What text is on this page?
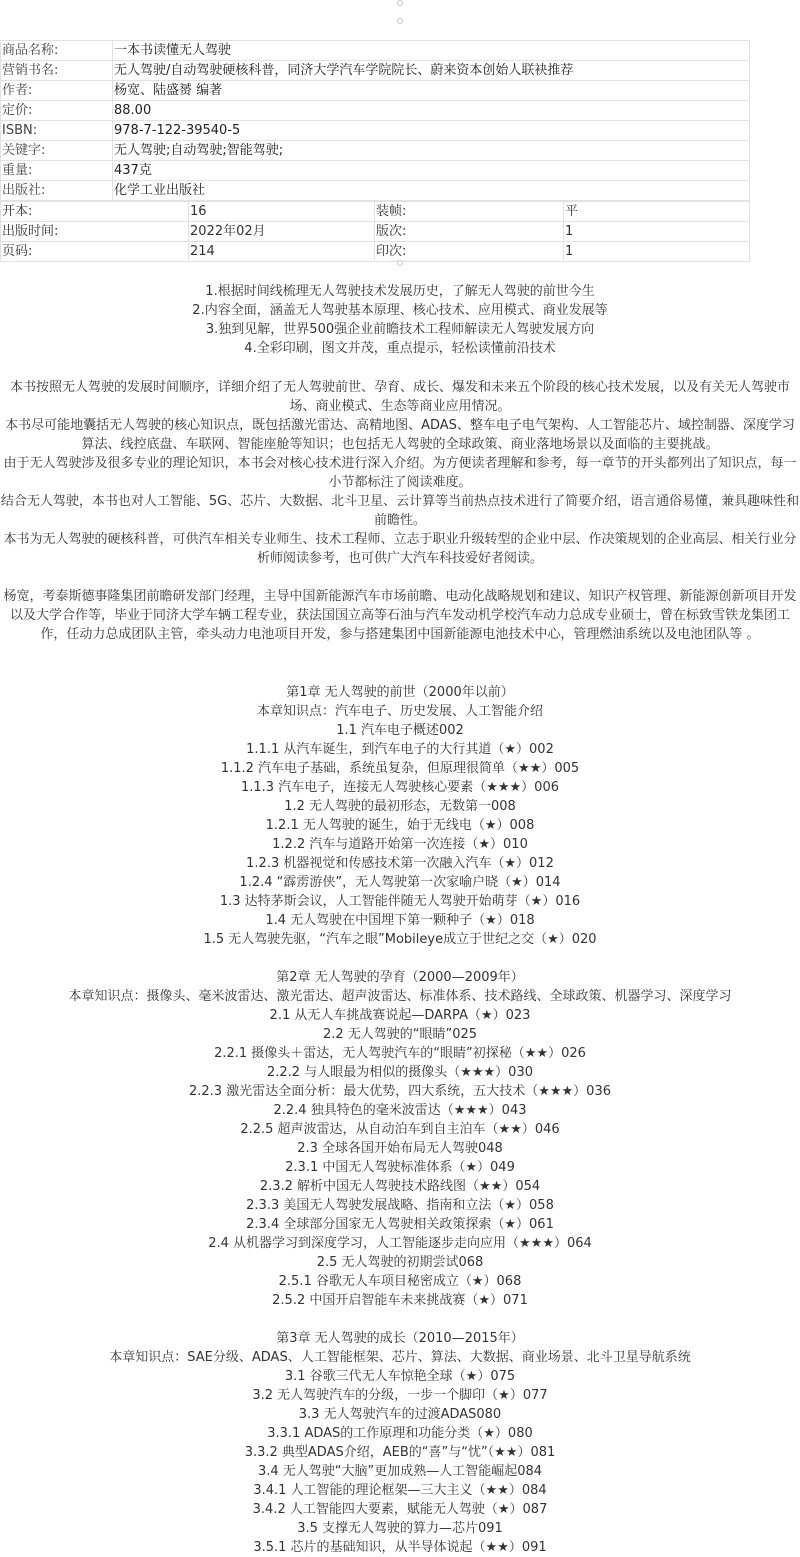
商品名称:	一本书读懂无人驾驶
营销书名:	无人驾驶/自动驾驶硬核科普，同济大学汽车学院院长、蔚来资本创始人联袂推荐
作者:	杨宽、陆盛赟 编著
定价:	88.00
ISBN:	978-7-122-39540-5
关键字:	无人驾驶;自动驾驶;智能驾驶;
重量:	437克
出版社:	化学工业出版社
开本:	16	装帧:	平
出版时间:	2022年02月	版次:	1
页码:	214	印次:	1
1.根据时间线梳理无人驾驶技术发展历史，了解无人驾驶的前世今生
2.内容全面，涵盖无人驾驶基本原理、核心技术、应用模式、商业发展等
3.独到见解，世界500强企业前瞻技术工程师解读无人驾驶发展方向
4.全彩印刷，图文并茂，重点提示，轻松读懂前沿技术

本书按照无人驾驶的发展时间顺序，详细介绍了无人驾驶前世、孕育、成长、爆发和未来五个阶段的核心技术发展，以及有关无人驾驶市场、商业模式、生态等商业应用情况。

本书尽可能地囊括无人驾驶的核心知识点，既包括激光雷达、高精地图、ADAS、整车电子电气架构、人工智能芯片、域控制器、深度学习算法、线控底盘、车联网、智能座舱等知识；也包括无人驾驶的全球政策、商业落地场景以及面临的主要挑战。

由于无人驾驶涉及很多专业的理论知识，本书会对核心技术进行深入介绍。为方便读者理解和参考，每一章节的开头都列出了知识点，每一小节都标注了阅读难度。

结合无人驾驶，本书也对人工智能、5G、芯片、大数据、北斗卫星、云计算等当前热点技术进行了简要介绍，语言通俗易懂，兼具趣味性和前瞻性。

本书为无人驾驶的硬核科普，可供汽车相关专业师生、技术工程师、立志于职业升级转型的企业中层、作决策规划的企业高层、相关行业分析师阅读参考，也可供广大汽车科技爱好者阅读。

杨宽，考泰斯德事隆集团前瞻研发部门经理，主导中国新能源汽车市场前瞻、电动化战略规划和建议、知识产权管理、新能源创新项目开发以及大学合作等，毕业于同济大学车辆工程专业，获法国国立高等石油与汽车发动机学校汽车动力总成专业硕士，曾在标致雪铁龙集团工作，任动力总成团队主管，牵头动力电池项目开发，参与搭建集团中国新能源电池技术中心，管理燃油系统以及电池团队等 。

第1章 无人驾驶的前世（2000年以前）
本章知识点：汽车电子、历史发展、人工智能介绍
1.1 汽车电子概述002
1.1.1 从汽车诞生，到汽车电子的大行其道（★）002
1.1.2 汽车电子基础，系统虽复杂，但原理很简单（★★）005
1.1.3 汽车电子，连接无人驾驶核心要素（★★★）006
1.2 无人驾驶的最初形态，无数第一008
1.2.1 无人驾驶的诞生，始于无线电（★）008
1.2.2 汽车与道路开始第一次连接（★）010
1.2.3 机器视觉和传感技术第一次融入汽车（★）012
1.2.4 “霹雳游侠”，无人驾驶第一次家喻户晓（★）014
1.3 达特茅斯会议，人工智能伴随无人驾驶开始萌芽（★）016
1.4 无人驾驶在中国埋下第一颗种子（★）018
1.5 无人驾驶先驱，“汽车之眼”Mobileye成立于世纪之交（★）020
第2章 无人驾驶的孕育（2000—2009年）
本章知识点：摄像头、毫米波雷达、激光雷达、超声波雷达、标准体系、技术路线、全球政策、机器学习、深度学习
2.1 从无人车挑战赛说起—DARPA（★）023
2.2 无人驾驶的“眼睛”025
2.2.1 摄像头＋雷达，无人驾驶汽车的“眼睛”初探秘（★★）026
2.2.2 与人眼最为相似的摄像头（★★★）030
2.2.3 激光雷达全面分析：最大优势，四大系统，五大技术（★★★）036
2.2.4 独具特色的毫米波雷达（★★★）043
2.2.5 超声波雷达，从自动泊车到自主泊车（★★）046
2.3 全球各国开始布局无人驾驶048
2.3.1 中国无人驾驶标准体系（★）049
2.3.2 解析中国无人驾驶技术路线图（★★）054
2.3.3 美国无人驾驶发展战略、指南和立法（★）058
2.3.4 全球部分国家无人驾驶相关政策探索（★）061
2.4 从机器学习到深度学习，人工智能逐步走向应用（★★★）064
2.5 无人驾驶的初期尝试068
2.5.1 谷歌无人车项目秘密成立（★）068
2.5.2 中国开启智能车未来挑战赛（★）071
第3章 无人驾驶的成长（2010—2015年）
本章知识点：SAE分级、ADAS、人工智能框架、芯片、算法、大数据、商业场景、北斗卫星导航系统
3.1 谷歌三代无人车惊艳全球（★）075
3.2 无人驾驶汽车的分级，一步一个脚印（★）077
3.3 无人驾驶汽车的过渡ADAS080
3.3.1 ADAS的工作原理和功能分类（★）080
3.3.2 典型ADAS介绍，AEB的“喜”与“忧”（★★）081
3.4 无人驾驶“大脑”更加成熟—人工智能崛起084
3.4.1 人工智能的理论框架—三大主义（★★）084
3.4.2 人工智能四大要素，赋能无人驾驶（★）087
3.5 支撑无人驾驶的算力—芯片091
3.5.1 芯片的基础知识，从半导体说起（★★）091
